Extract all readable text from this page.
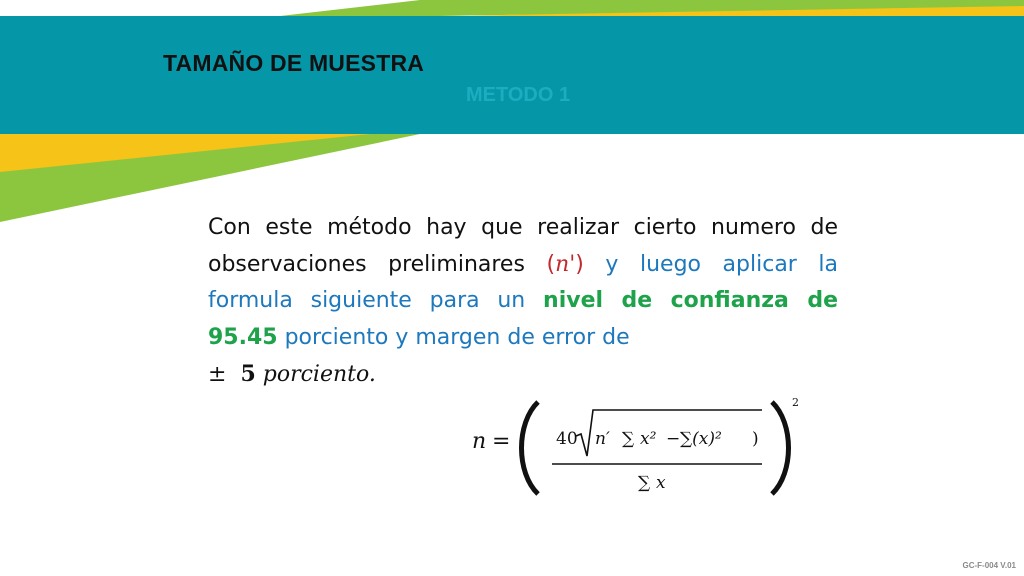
TAMAÑO DE MUESTRA
METODO 1
Con este método hay que realizar cierto numero de observaciones preliminares (n') y luego aplicar la formula siguiente para un nivel de confianza de 95.45 porciento y margen de error de
± 5 porciento.
n =	40 n′ ∑ x² − ∑(x)² )
∑ x
2
GC-F-004 V.01
